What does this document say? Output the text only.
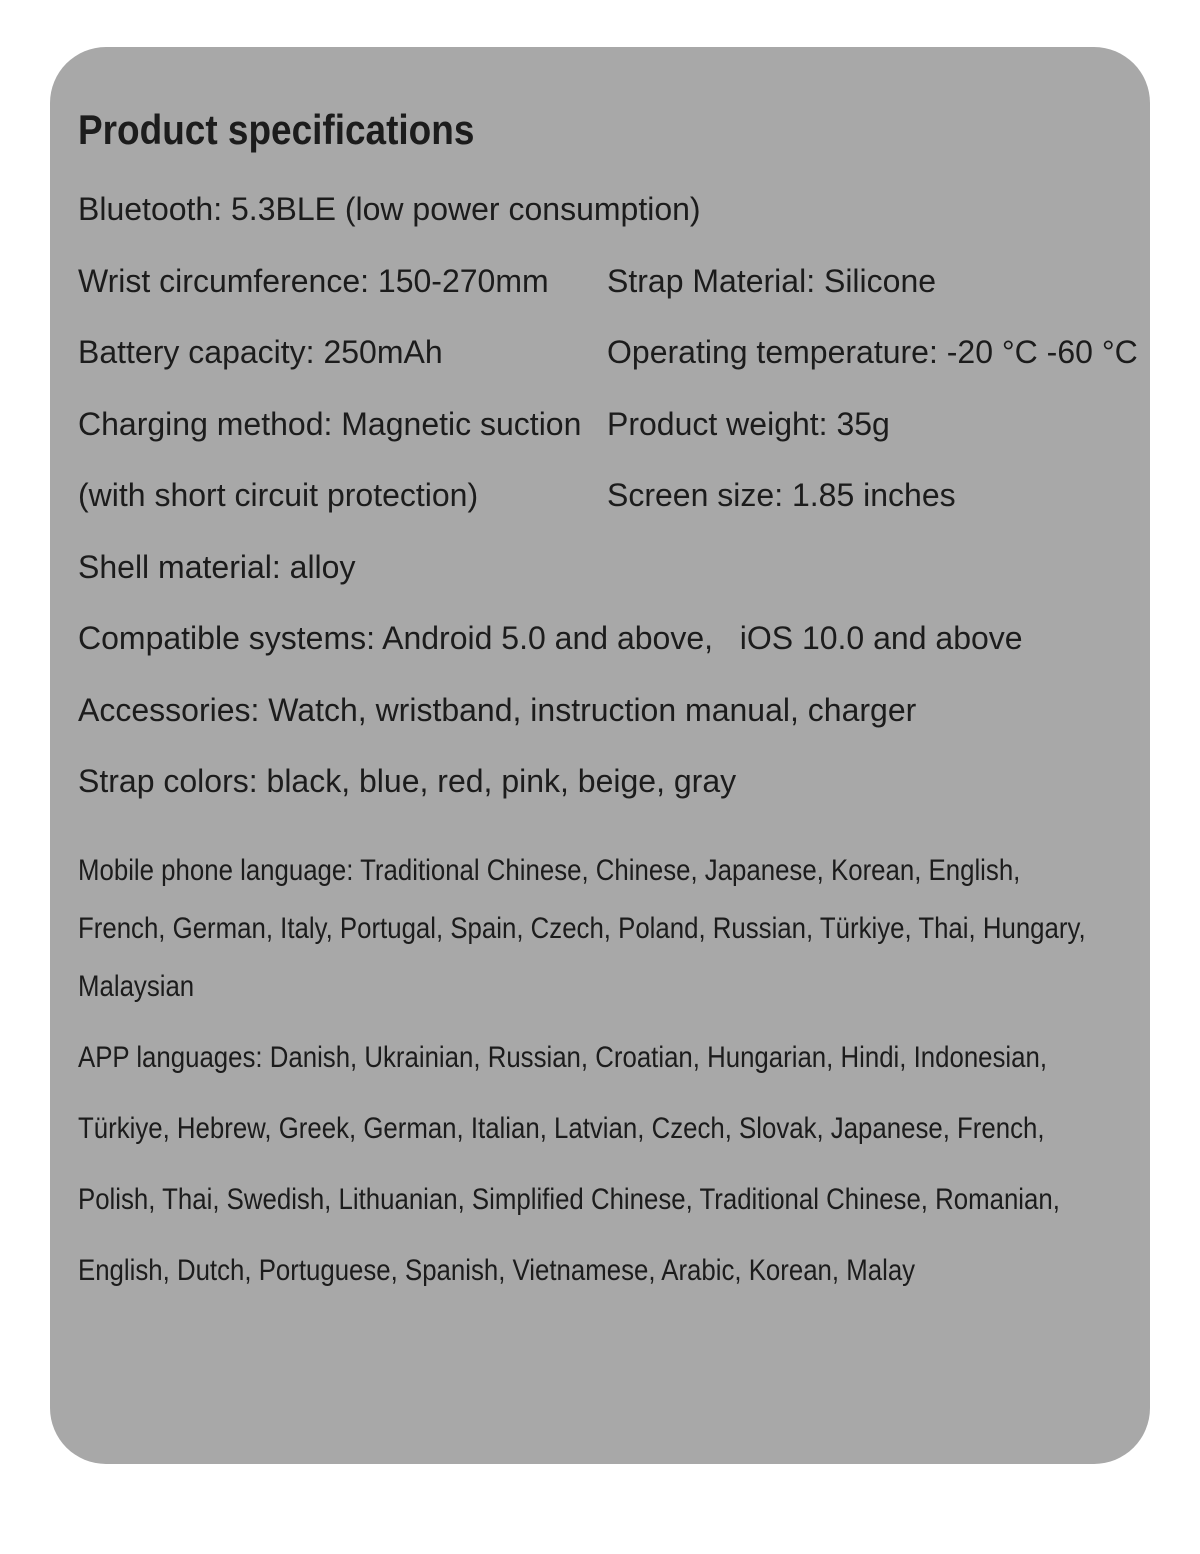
Product specifications
Bluetooth: 5.3BLE (low power consumption)
Wrist circumference: 150-270mm	Strap Material: Silicone
Battery capacity: 250mAh	Operating temperature: -20 °C -60 °C
Charging method: Magnetic suction Product weight: 35g
(with short circuit protection)	Screen size: 1.85 inches
Shell material: alloy
Compatible systems: Android 5.0 and above,   iOS 10.0 and above
Accessories: Watch, wristband, instruction manual, charger
Strap colors: black, blue, red, pink, beige, gray
Mobile phone language: Traditional Chinese, Chinese, Japanese, Korean, English,
French, German, Italy, Portugal, Spain, Czech, Poland, Russian, Türkiye, Thai, Hungary,
Malaysian
APP languages: Danish, Ukrainian, Russian, Croatian, Hungarian, Hindi, Indonesian,
Türkiye, Hebrew, Greek, German, Italian, Latvian, Czech, Slovak, Japanese, French,
Polish, Thai, Swedish, Lithuanian, Simplified Chinese, Traditional Chinese, Romanian,
English, Dutch, Portuguese, Spanish, Vietnamese, Arabic, Korean, Malay
